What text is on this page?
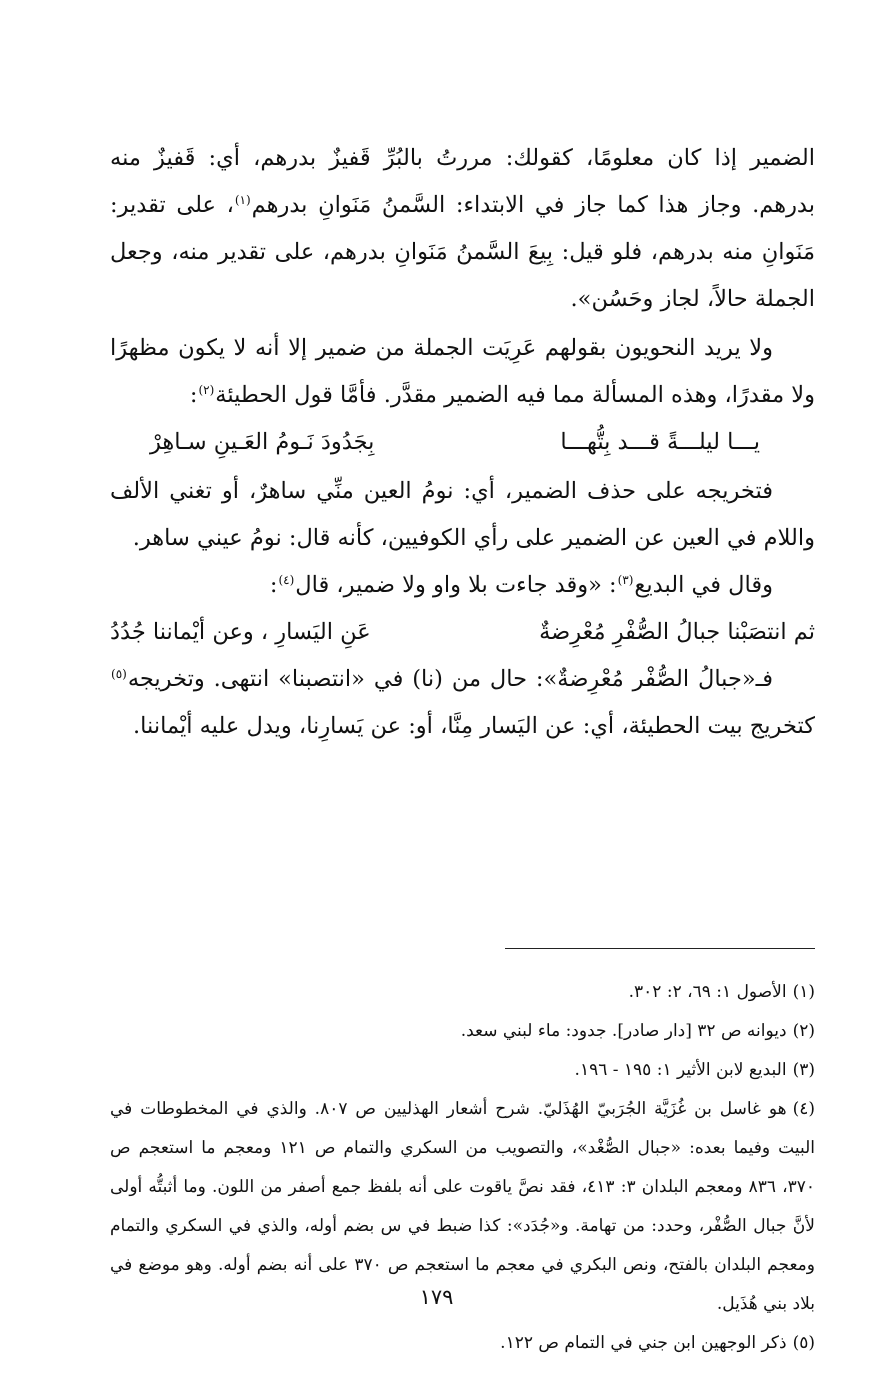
الضمير إذا كان معلومًا، كقولك: مررتُ بالبُرِّ قَفيزٌ بدرهم، أي: قَفيزٌ منه بدرهم. وجاز هذا كما جاز في الابتداء: السَّمنُ مَنَوانِ بدرهم$^{(١)}$، على تقدير: مَنَوانِ منه بدرهم، فلو قيل: بِيعَ السَّمنُ مَنَوانِ بدرهم، على تقدير منه، وجعل الجملة حالاً، لجاز وحَسُن».

ولا يريد النحويون بقولهم عَرِيَت الجملة من ضمير إلا أنه لا يكون مظهرًا ولا مقدرًا، وهذه المسألة مما فيه الضمير مقدَّر. فأمَّا قول الحطيئة$^{(٢)}$:

يـــا ليلـــةً قـــد بِتُّهـــا
بِجَدُودَ نَـومُ العَـينِ سـاهِرْ

فتخريجه على حذف الضمير، أي: نومُ العين منِّي ساهرٌ، أو تغني الألف واللام في العين عن الضمير على رأي الكوفيين، كأنه قال: نومُ عيني ساهر.

وقال في البديع$^{(٣)}$: «وقد جاءت بلا واو ولا ضمير، قال$^{(٤)}$:

ثم انتصَبْنا جبالُ الصُّفْرِ مُعْرِضةٌ
عَنِ اليَسارِ ، وعن أيْماننا جُدُدُ

فـ«جبالُ الصُّفْر مُعْرِضةٌ»: حال من (نا) في «انتصبنا» انتهى. وتخريجه$^{(٥)}$ كتخريج بيت الحطيئة، أي: عن اليَسار مِنَّا، أو: عن يَسارِنا، ويدل عليه أيْماننا.

(١)الأصول ١: ٦٩، ٢: ٣٠٢.

(٢)ديوانه ص ٣٢ [دار صادر]. جدود: ماء لبني سعد.

(٣)البديع لابن الأثير ١: ١٩٥ - ١٩٦.

(٤)هو غاسل بن غُزَيَّة الجُرَبيّ الهُذَليّ. شرح أشعار الهذليين ص ٨٠٧. والذي في المخطوطات في البيت وفيما بعده: «جبال الصُّغْد»، والتصويب من السكري والتمام ص ١٢١ ومعجم ما استعجم ص ٣٧٠، ٨٣٦ ومعجم البلدان ٣: ٤١٣، فقد نصَّ ياقوت على أنه بلفظ جمع أصفر من اللون. وما أثبتُّه أولى لأنَّ جبال الصُّفْر، وحدد: من تهامة. و«جُدَد»: كذا ضبط في س بضم أوله، والذي في السكري والتمام ومعجم البلدان بالفتح، ونص البكري في معجم ما استعجم ص ٣٧٠ على أنه بضم أوله. وهو موضع في بلاد بني هُذَيل.

(٥)ذكر الوجهين ابن جني في التمام ص ١٢٢.

١٧٩
